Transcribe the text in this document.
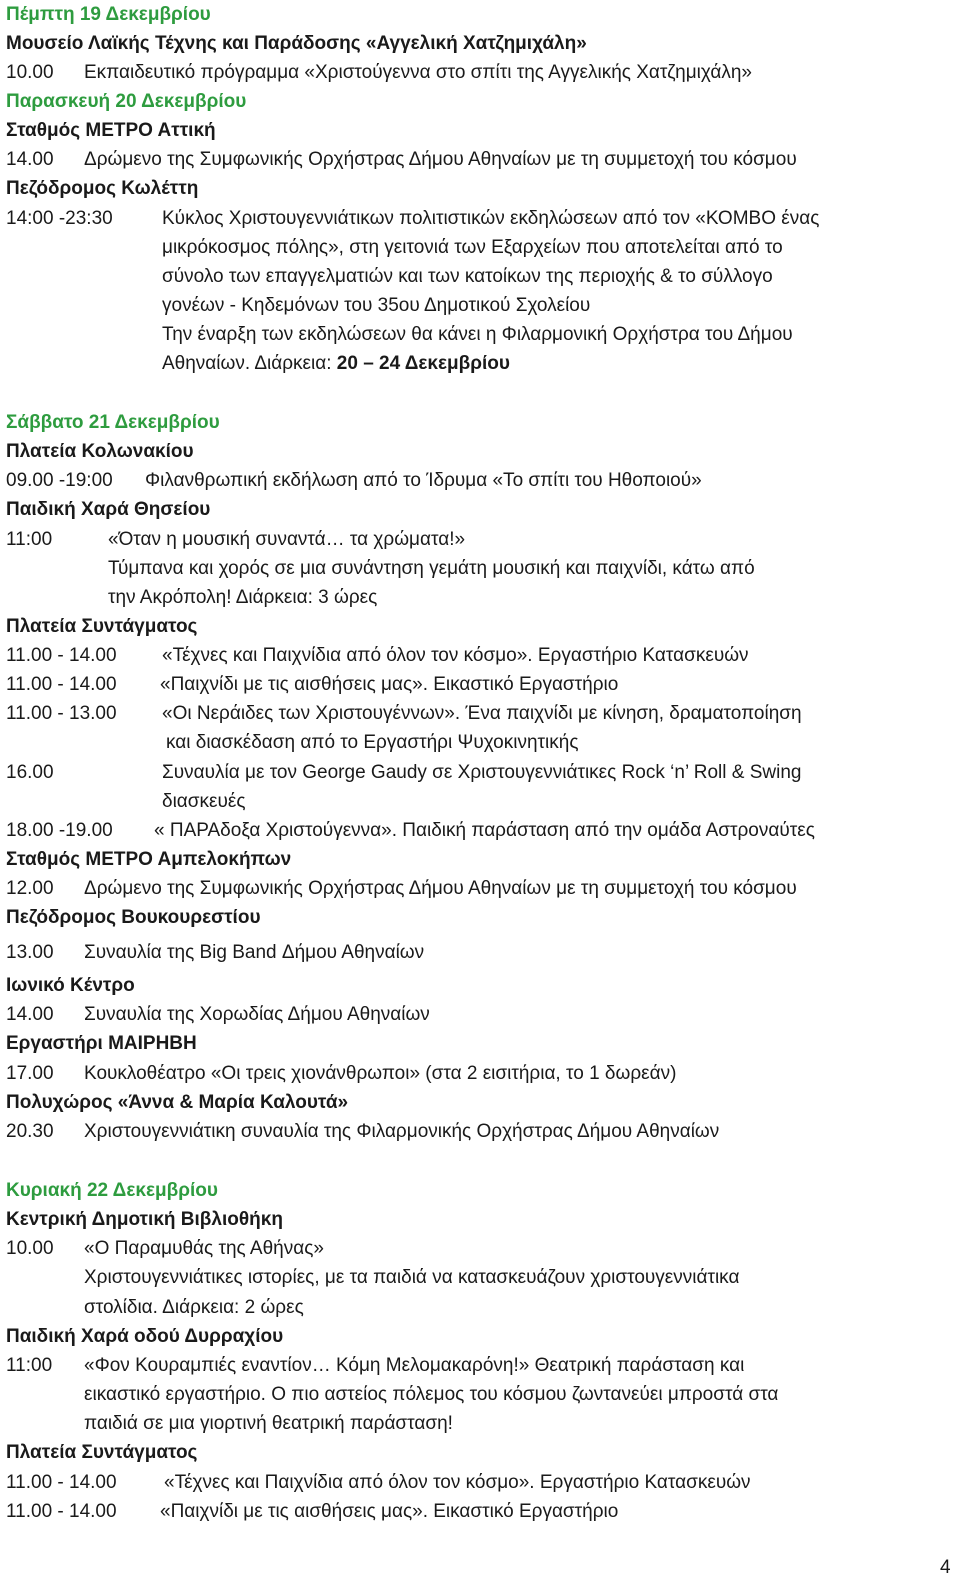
Πέμπτη 19 Δεκεμβρίου
Μουσείο Λαϊκής Τέχνης και Παράδοσης «Αγγελική Χατζημιχάλη»
10.00 Εκπαιδευτικό πρόγραμμα «Χριστούγεννα στο σπίτι της Αγγελικής Χατζημιχάλη»
Παρασκευή 20 Δεκεμβρίου
Σταθμός ΜΕΤΡΟ Αττική
14.00 Δρώμενο της Συμφωνικής Ορχήστρας Δήμου Αθηναίων με τη συμμετοχή του κόσμου
Πεζόδρομος Κωλέττη
14:00 -23:30	Κύκλος Χριστουγεννιάτικων πολιτιστικών εκδηλώσεων από τον «ΚΟΜΒΟ ένας
μικρόκοσμος πόλης», στη γειτονιά των Εξαρχείων που αποτελείται από το
σύνολο των επαγγελματιών και των κατοίκων της περιοχής & το σύλλογο
γονέων - Κηδεμόνων του 35ου Δημοτικού Σχολείου
Την έναρξη των εκδηλώσεων θα κάνει η Φιλαρμονική Ορχήστρα του Δήμου
Αθηναίων. Διάρκεια: 20 – 24 Δεκεμβρίου
Σάββατο 21 Δεκεμβρίου
Πλατεία Κολωνακίου
09.00 -19:00 Φιλανθρωπική εκδήλωση από το Ίδρυμα «Το σπίτι του Ηθοποιού»
Παιδική Χαρά Θησείου
11:00	«Όταν η μουσική συναντά… τα χρώματα!»
Τύμπανα και χορός σε μια συνάντηση γεμάτη μουσική και παιχνίδι, κάτω από
την Ακρόπολη! Διάρκεια: 3 ώρες
Πλατεία Συντάγματος
11.00 - 14.00 «Τέχνες και Παιχνίδια από όλον τον κόσμο». Εργαστήριο Κατασκευών
11.00 - 14.00 «Παιχνίδι με τις αισθήσεις μας». Εικαστικό Εργαστήριο
11.00 - 13.00 «Οι Νεράιδες των Χριστουγέννων». Ένα παιχνίδι με κίνηση, δραματοποίηση
και διασκέδαση από το Εργαστήρι Ψυχοκινητικής
16.00	Συναυλία με τον George Gaudy σε Χριστουγεννιάτικες Rock ‘n’ Roll & Swing
διασκευές
18.00 -19.00 « ΠΑΡΑδοξα Χριστούγεννα». Παιδική παράσταση από την ομάδα Αστροναύτες
Σταθμός ΜΕΤΡΟ Αμπελοκήπων
12.00 Δρώμενο της Συμφωνικής Ορχήστρας Δήμου Αθηναίων με τη συμμετοχή του κόσμου
Πεζόδρομος Βουκουρεστίου
13.00 Συναυλία της Big Band Δήμου Αθηναίων
Ιωνικό Κέντρο
14.00 Συναυλία της Χορωδίας Δήμου Αθηναίων
Εργαστήρι ΜΑΙΡΗΒΗ
17.00 Κουκλοθέατρο «Οι τρεις χιονάνθρωποι» (στα 2 εισιτήρια, το 1 δωρεάν)
Πολυχώρος «Άννα & Μαρία Καλουτά»
20.30 Χριστουγεννιάτικη συναυλία της Φιλαρμονικής Ορχήστρας Δήμου Αθηναίων
Κυριακή 22 Δεκεμβρίου
Κεντρική Δημοτική Βιβλιοθήκη
10.00 «Ο Παραμυθάς της Αθήνας»
Χριστουγεννιάτικες ιστορίες, με τα παιδιά να κατασκευάζουν χριστουγεννιάτικα
στολίδια. Διάρκεια: 2 ώρες
Παιδική Χαρά οδού Δυρραχίου
11:00 «Φον Κουραμπιές εναντίον… Κόμη Μελομακαρόνη!» Θεατρική παράσταση και
εικαστικό εργαστήριο. Ο πιο αστείος πόλεμος του κόσμου ζωντανεύει μπροστά στα
παιδιά σε μια γιορτινή θεατρική παράσταση!
Πλατεία Συντάγματος
11.00 - 14.00 «Τέχνες και Παιχνίδια από όλον τον κόσμο». Εργαστήριο Κατασκευών
11.00 - 14.00 «Παιχνίδι με τις αισθήσεις μας». Εικαστικό Εργαστήριο
4
